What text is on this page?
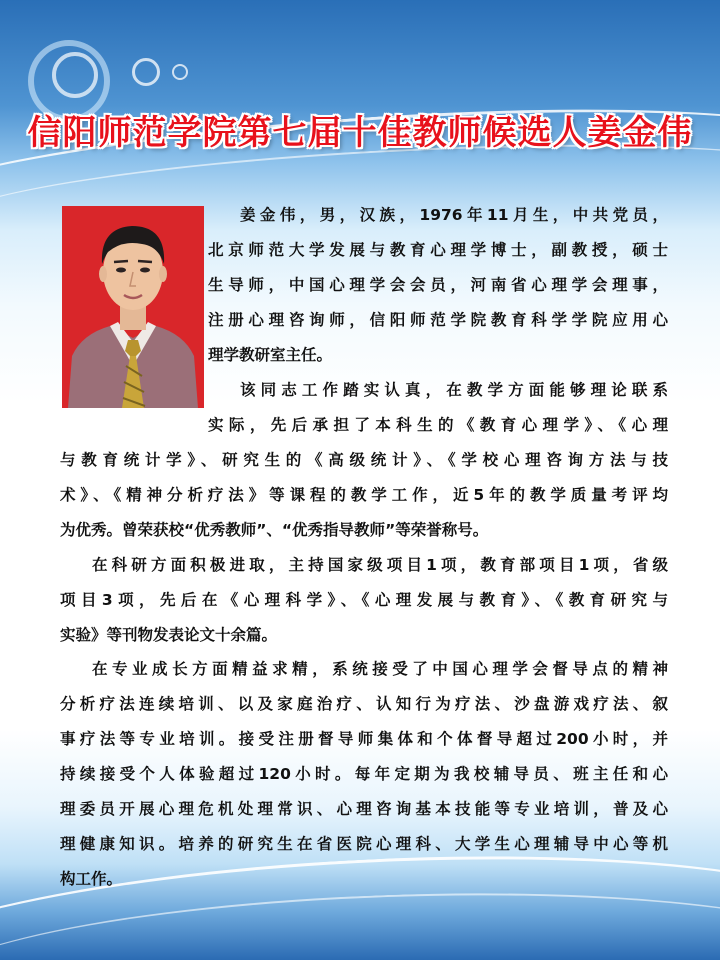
信阳师范学院第七届十佳教师候选人姜金伟
姜金伟，男，汉族，1976年11月生，中共党员，
北京师范大学发展与教育心理学博士，副教授，硕士
生导师，中国心理学会会员，河南省心理学会理事，
注册心理咨询师，信阳师范学院教育科学学院应用心
理学教研室主任。
该同志工作踏实认真，在教学方面能够理论联系
实际，先后承担了本科生的《教育心理学》、《心理
与教育统计学》、研究生的《高级统计》、《学校心理咨询方法与技
术》、《精神分析疗法》等课程的教学工作，近5年的教学质量考评均
为优秀。曾荣获校“优秀教师”、“优秀指导教师”等荣誉称号。
在科研方面积极进取，主持国家级项目1项，教育部项目1项，省级
项目3项，先后在《心理科学》、《心理发展与教育》、《教育研究与
实验》等刊物发表论文十余篇。
在专业成长方面精益求精，系统接受了中国心理学会督导点的精神
分析疗法连续培训、以及家庭治疗、认知行为疗法、沙盘游戏疗法、叙
事疗法等专业培训。接受注册督导师集体和个体督导超过200小时，并
持续接受个人体验超过120小时。每年定期为我校辅导员、班主任和心
理委员开展心理危机处理常识、心理咨询基本技能等专业培训，普及心
理健康知识。培养的研究生在省医院心理科、大学生心理辅导中心等机
构工作。
